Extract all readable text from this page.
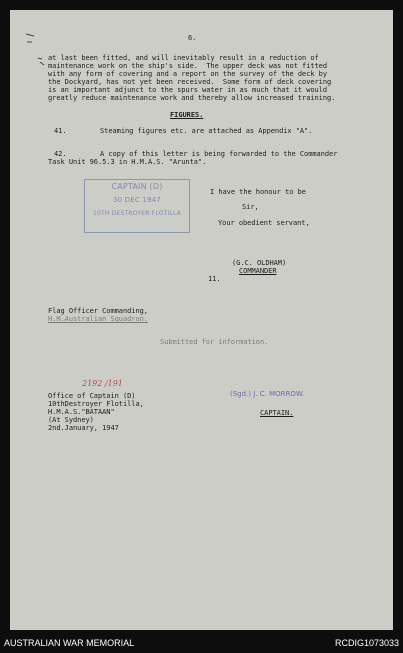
6.
at last been fitted, and will inevitably result in a reduction of
maintenance work on the ship's side.  The upper deck was not fitted
with any form of covering and a report on the survey of the deck by
the Dockyard, has not yet been received.  Some form of deck covering
is an important adjunct to the spurs water in as much that it would
greatly reduce maintenance work and thereby allow increased training.
FIGURES.
41.	Steaming figures etc. are attached as Appendix "A".
42.	A copy of this letter is being forwarded to the Commander
Task Unit 96.5.3 in H.M.A.S. "Arunta".
CAPTAIN (D)
30 DEC 1947
10TH DESTROYER FLOTILLA
I have the honour to be
Sir,
Your obedient servant,
(G.C. OLDHAM)
COMMANDER
11.
Flag Officer Commanding,
H.M.Australian Squadron.
Submitted for information.
2192 /191
Office of Captain (D)
10thDestroyer Flotilla,
H.M.A.S."BATAAN"
(At Sydney)
2nd.January, 1947
(Sgd.) J. C. MORROW.
CAPTAIN.
AUSTRALIAN WAR MEMORIAL	RCDIG1073033
